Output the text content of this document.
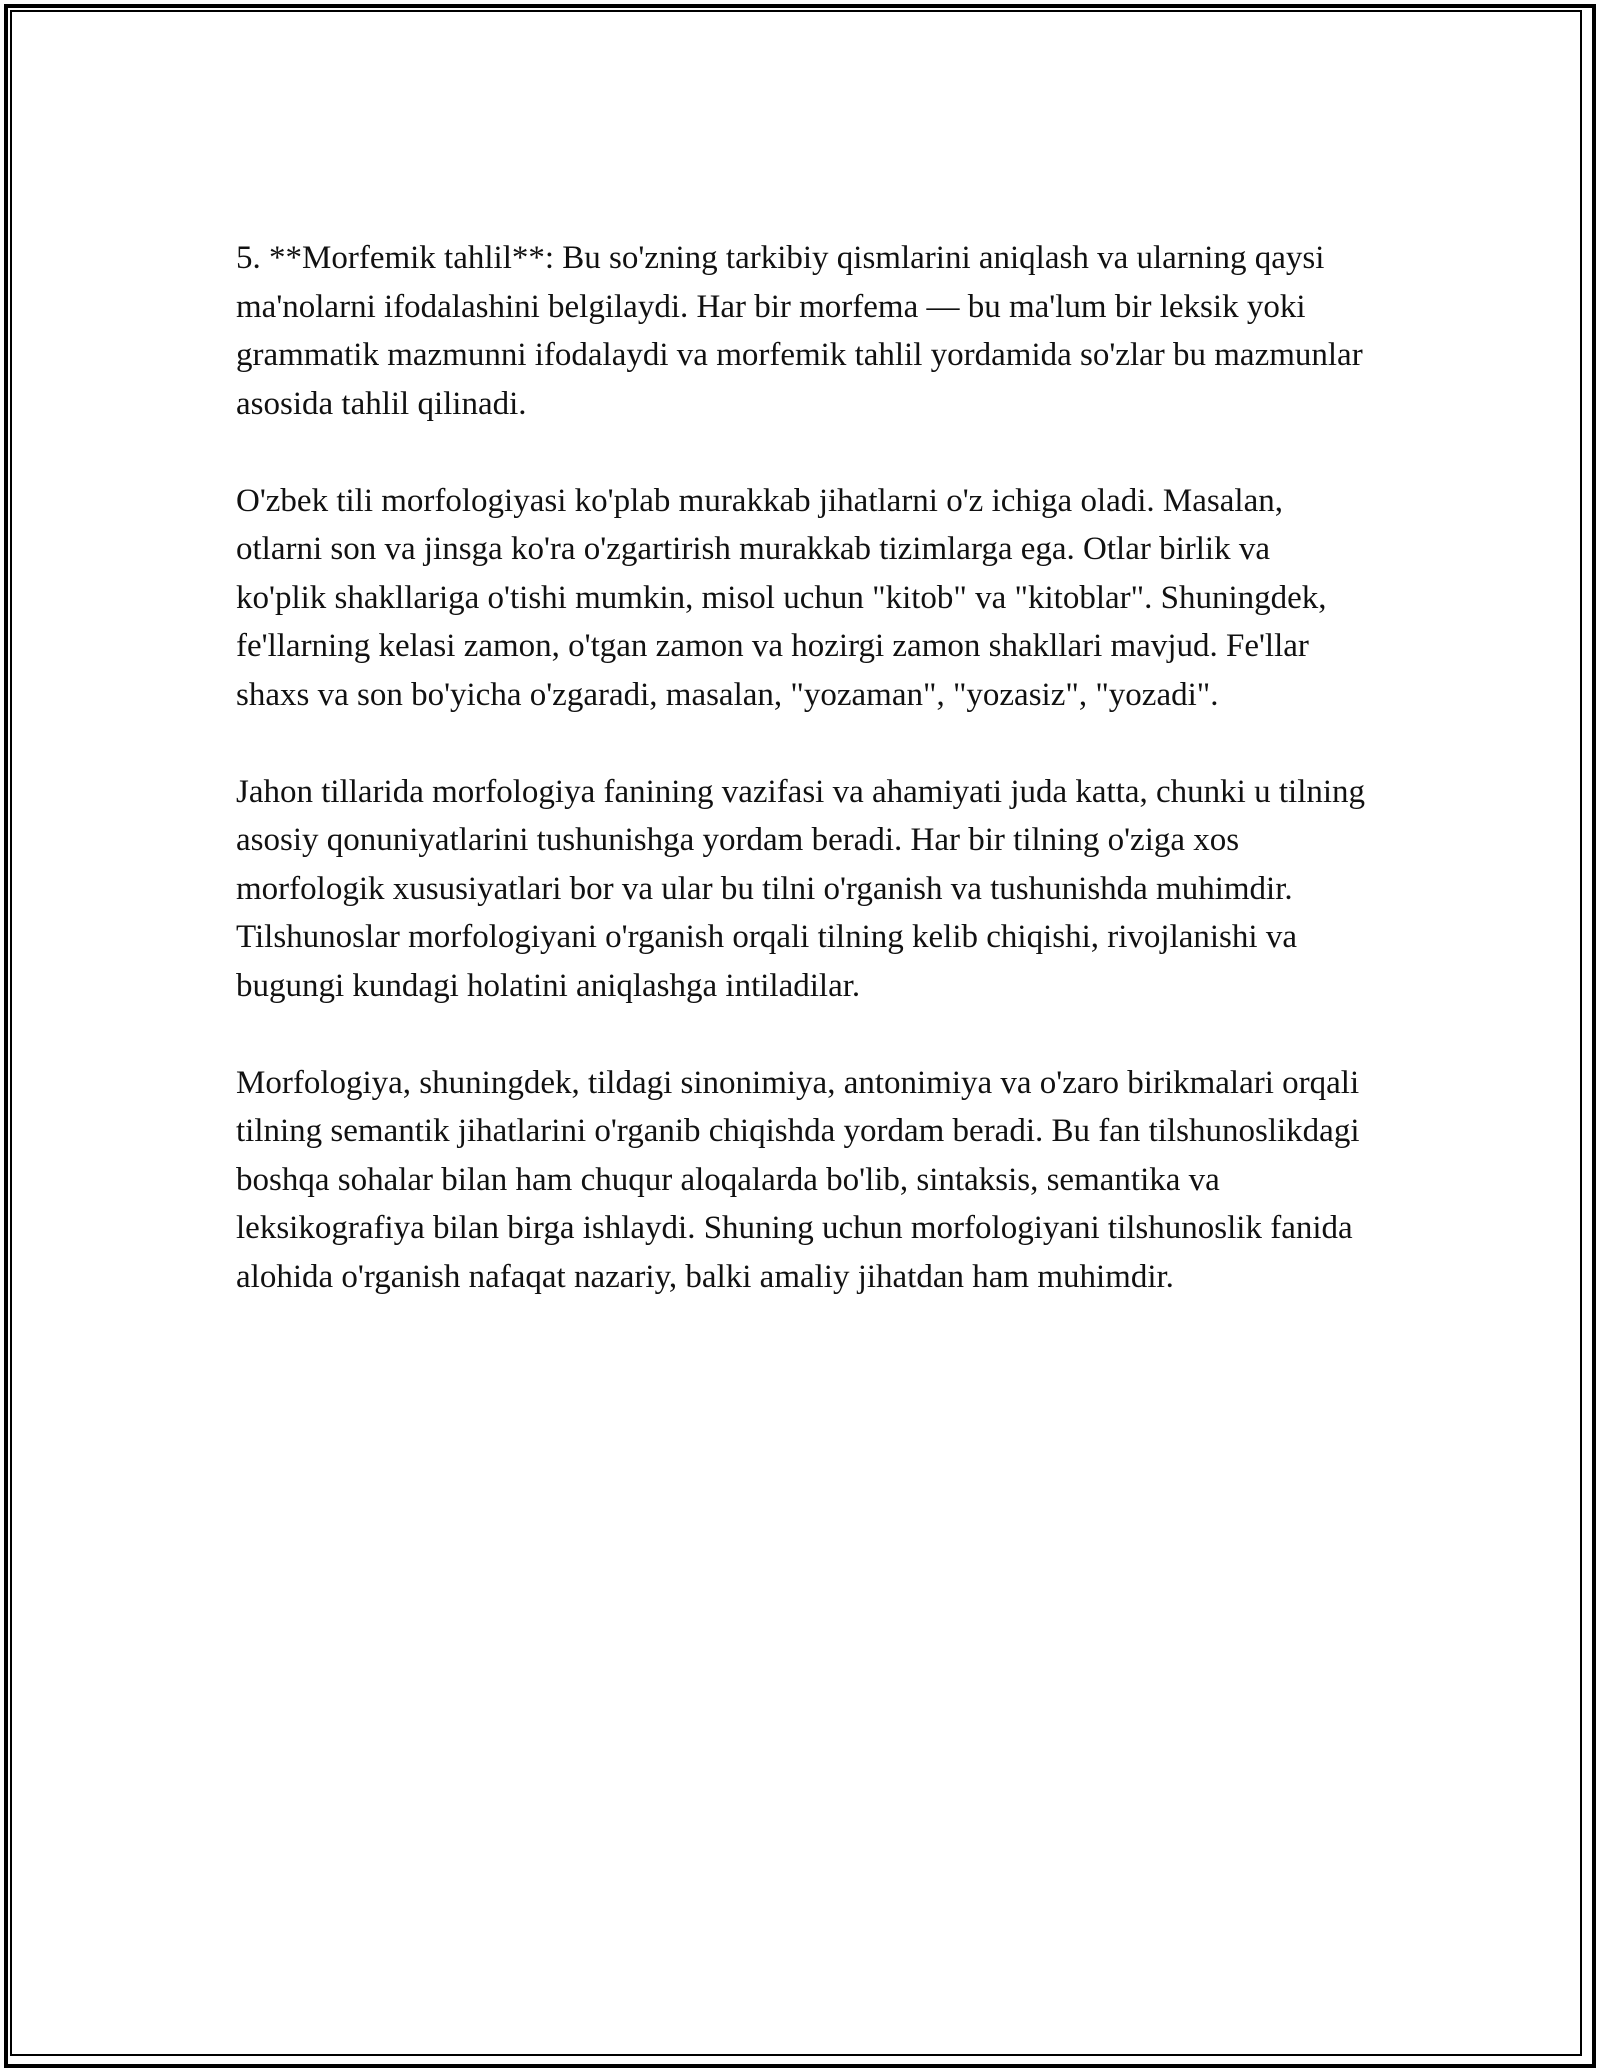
5. **Morfemik tahlil**: Bu so'zning tarkibiy qismlarini aniqlash va ularning qaysi ma'nolarni ifodalashini belgilaydi. Har bir morfema — bu ma'lum bir leksik yoki grammatik mazmunni ifodalaydi va morfemik tahlil yordamida so'zlar bu mazmunlar asosida tahlil qilinadi.

O'zbek tili morfologiyasi ko'plab murakkab jihatlarni o'z ichiga oladi. Masalan, otlarni son va jinsga ko'ra o'zgartirish murakkab tizimlarga ega. Otlar birlik va ko'plik shakllariga o'tishi mumkin, misol uchun "kitob" va "kitoblar". Shuningdek, fe'llarning kelasi zamon, o'tgan zamon va hozirgi zamon shakllari mavjud. Fe'llar shaxs va son bo'yicha o'zgaradi, masalan, "yozaman", "yozasiz", "yozadi".

Jahon tillarida morfologiya fanining vazifasi va ahamiyati juda katta, chunki u tilning asosiy qonuniyatlarini tushunishga yordam beradi. Har bir tilning o'ziga xos morfologik xususiyatlari bor va ular bu tilni o'rganish va tushunishda muhimdir. Tilshunoslar morfologiyani o'rganish orqali tilning kelib chiqishi, rivojlanishi va bugungi kundagi holatini aniqlashga intiladilar.

Morfologiya, shuningdek, tildagi sinonimiya, antonimiya va o'zaro birikmalari orqali tilning semantik jihatlarini o'rganib chiqishda yordam beradi. Bu fan tilshunoslikdagi boshqa sohalar bilan ham chuqur aloqalarda bo'lib, sintaksis, semantika va leksikografiya bilan birga ishlaydi. Shuning uchun morfologiyani tilshunoslik fanida alohida o'rganish nafaqat nazariy, balki amaliy jihatdan ham muhimdir.
